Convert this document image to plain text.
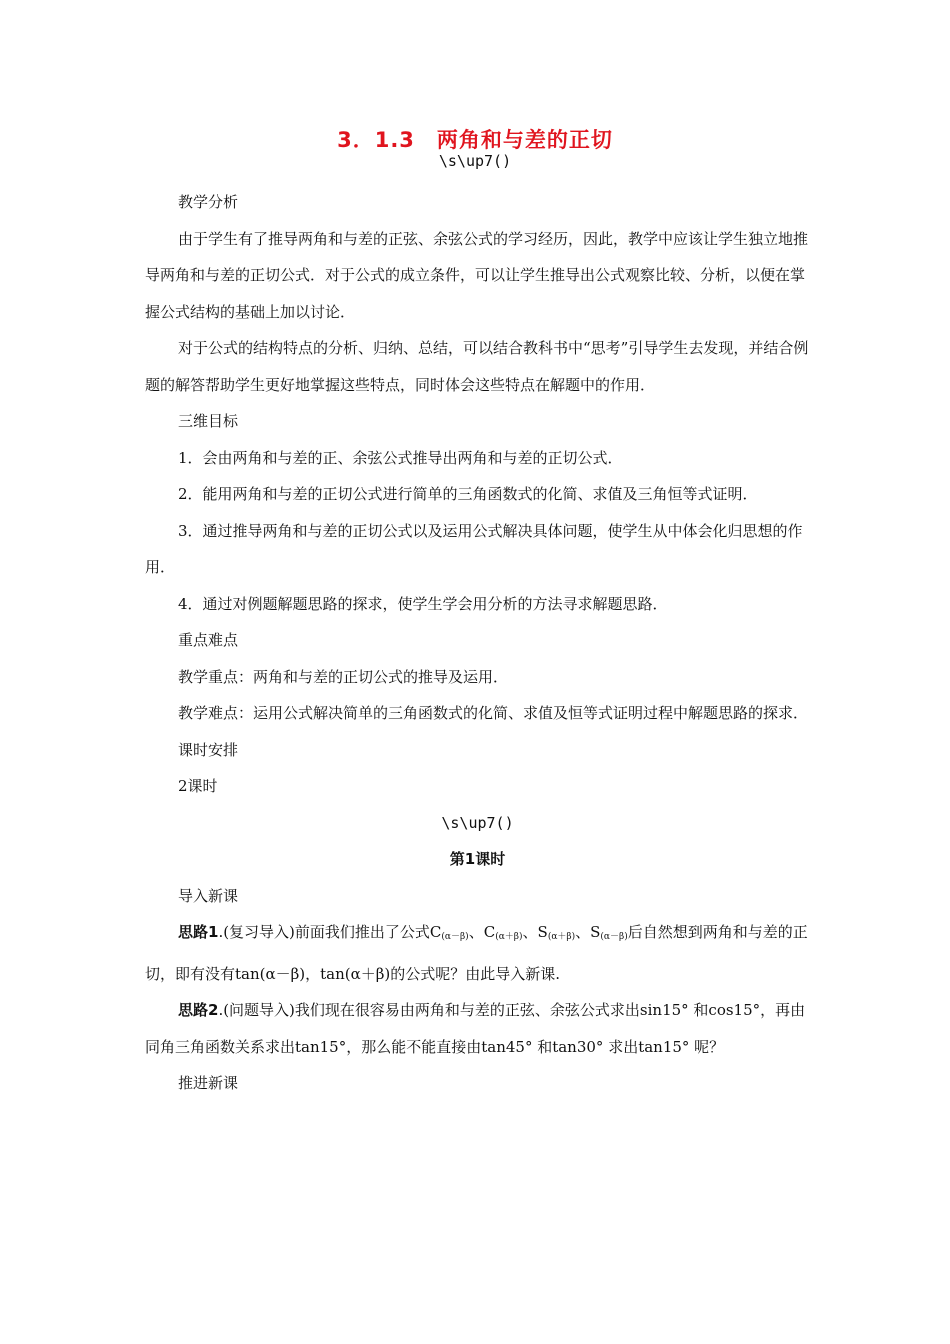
3．1.3　两角和与差的正切
\s\up7()

教学分析

由于学生有了推导两角和与差的正弦、余弦公式的学习经历，因此，教学中应该让学生独立地推导两角和与差的正切公式．对于公式的成立条件，可以让学生推导出公式观察比较、分析，以便在掌握公式结构的基础上加以讨论．

对于公式的结构特点的分析、归纳、总结，可以结合教科书中“思考”引导学生去发现，并结合例题的解答帮助学生更好地掌握这些特点，同时体会这些特点在解题中的作用．

三维目标

1．会由两角和与差的正、余弦公式推导出两角和与差的正切公式．

2．能用两角和与差的正切公式进行简单的三角函数式的化简、求值及三角恒等式证明．

3．通过推导两角和与差的正切公式以及运用公式解决具体问题，使学生从中体会化归思想的作用．

4．通过对例题解题思路的探求，使学生学会用分析的方法寻求解题思路．

重点难点

教学重点：两角和与差的正切公式的推导及运用．

教学难点：运用公式解决简单的三角函数式的化简、求值及恒等式证明过程中解题思路的探求．

课时安排

2课时

\s\up7()

第1课时

导入新课

思路1.(复习导入)前面我们推出了公式$C_{(\alpha-\beta)}$、$C_{(\alpha+\beta)}$、$S_{(\alpha+\beta)}$、$S_{(\alpha-\beta)}$后自然想到两角和与差的正切，即有没有tan(α－β)，tan(α＋β)的公式呢？由此导入新课.

思路2.(问题导入)我们现在很容易由两角和与差的正弦、余弦公式求出sin15° 和cos15°，再由同角三角函数关系求出tan15°，那么能不能直接由tan45° 和tan30° 求出tan15° 呢？

推进新课
